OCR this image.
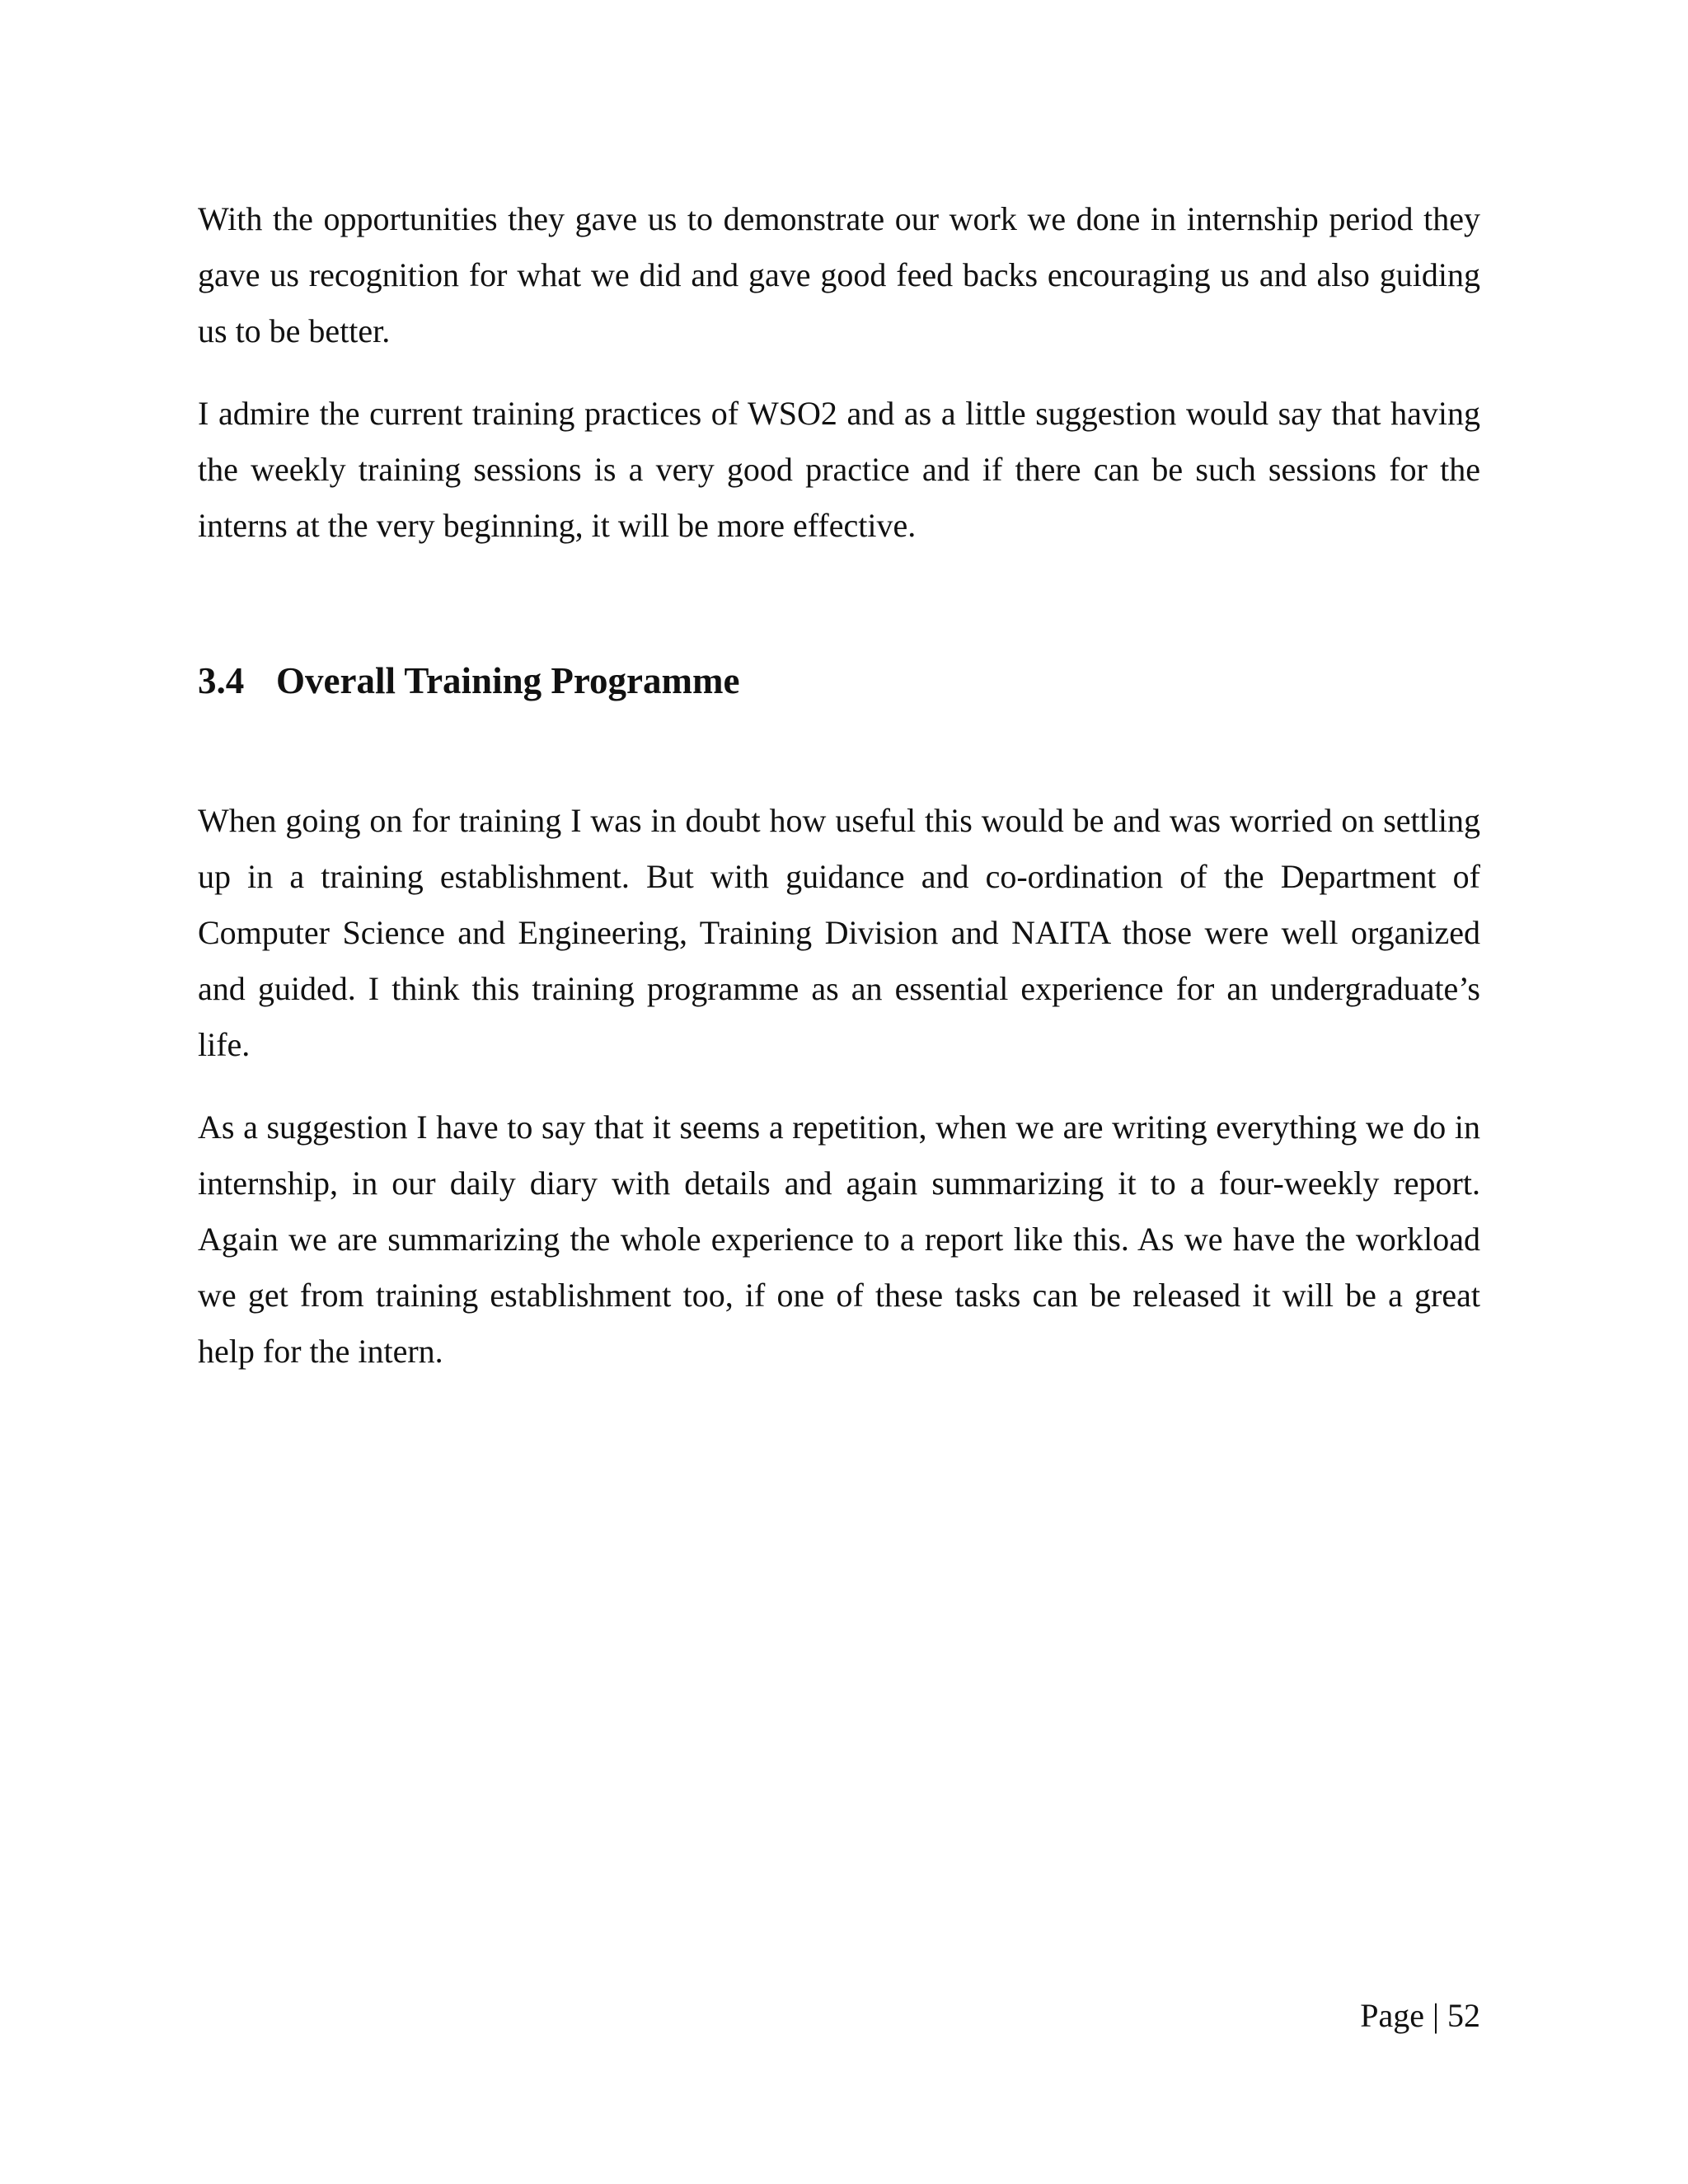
With the opportunities they gave us to demonstrate our work we done in internship period they gave us recognition for what we did and gave good feed backs encouraging us and also guiding us to be better.

I admire the current training practices of WSO2 and as a little suggestion would say that having the weekly training sessions is a very good practice and if there can be such sessions for the interns at the very beginning, it will be more effective.

3.4 Overall Training Programme

When going on for training I was in doubt how useful this would be and was worried on settling up in a training establishment. But with guidance and co-ordination of the Department of Computer Science and Engineering, Training Division and NAITA those were well organized and guided. I think this training programme as an essential experience for an undergraduate’s life.

As a suggestion I have to say that it seems a repetition, when we are writing everything we do in internship, in our daily diary with details and again summarizing it to a four-weekly report. Again we are summarizing the whole experience to a report like this. As we have the workload we get from training establishment too, if one of these tasks can be released it will be a great help for the intern.

Page | 52
